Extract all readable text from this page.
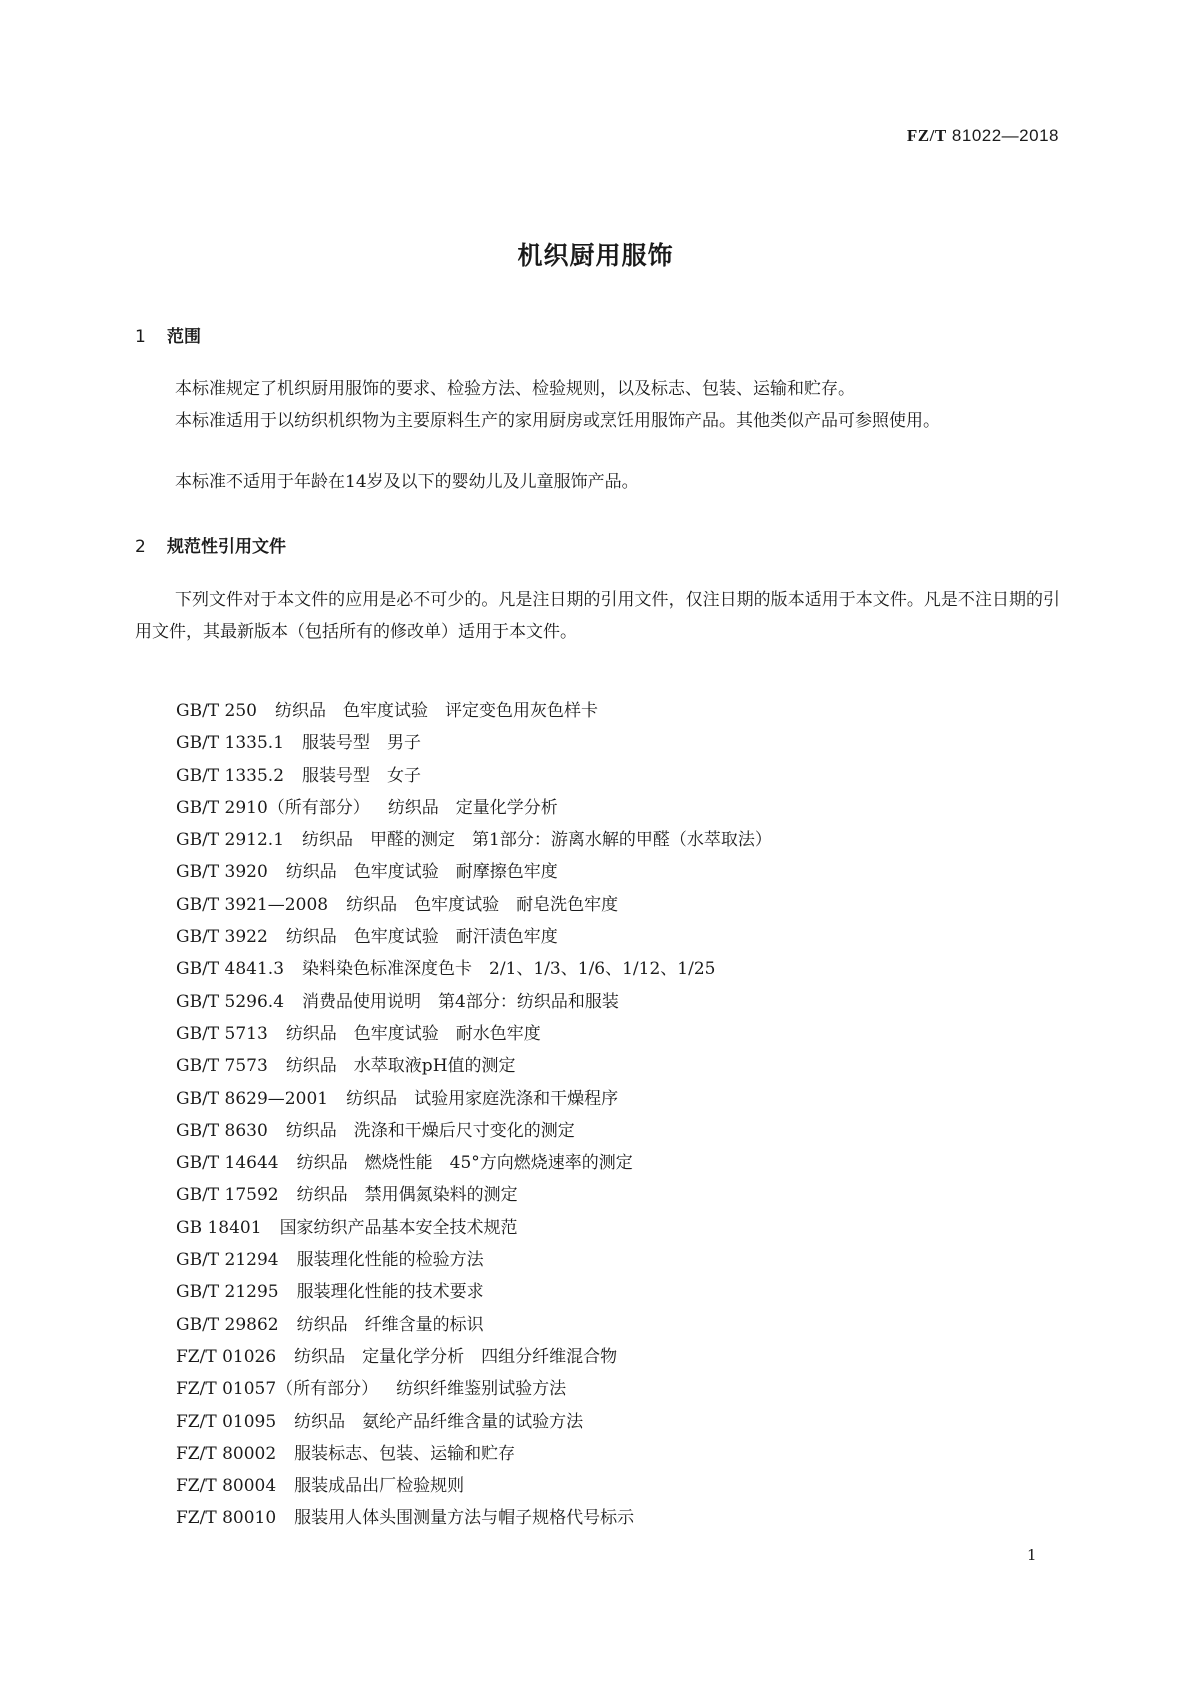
FZ/T 81022—2018
机织厨用服饰
1 范围

本标准规定了机织厨用服饰的要求、检验方法、检验规则，以及标志、包装、运输和贮存。

本标准适用于以纺织机织物为主要原料生产的家用厨房或烹饪用服饰产品。其他类似产品可参照使用。

本标准不适用于年龄在14岁及以下的婴幼儿及儿童服饰产品。

2 规范性引用文件

下列文件对于本文件的应用是必不可少的。凡是注日期的引用文件，仅注日期的版本适用于本文件。凡是不注日期的引用文件，其最新版本（包括所有的修改单）适用于本文件。

GB/T 250 纺织品　色牢度试验　评定变色用灰色样卡
GB/T 1335.1 服装号型　男子
GB/T 1335.2 服装号型　女子
GB/T 2910（所有部分） 纺织品　定量化学分析
GB/T 2912.1 纺织品　甲醛的测定　第1部分：游离水解的甲醛（水萃取法）
GB/T 3920 纺织品　色牢度试验　耐摩擦色牢度
GB/T 3921—2008 纺织品　色牢度试验　耐皂洗色牢度
GB/T 3922 纺织品　色牢度试验　耐汗渍色牢度
GB/T 4841.3 染料染色标准深度色卡　2/1、1/3、1/6、1/12、1/25
GB/T 5296.4 消费品使用说明　第4部分：纺织品和服装
GB/T 5713 纺织品　色牢度试验　耐水色牢度
GB/T 7573 纺织品　水萃取液pH值的测定
GB/T 8629—2001 纺织品　试验用家庭洗涤和干燥程序
GB/T 8630 纺织品　洗涤和干燥后尺寸变化的测定
GB/T 14644 纺织品　燃烧性能　45°方向燃烧速率的测定
GB/T 17592 纺织品　禁用偶氮染料的测定
GB 18401 国家纺织产品基本安全技术规范
GB/T 21294 服装理化性能的检验方法
GB/T 21295 服装理化性能的技术要求
GB/T 29862 纺织品　纤维含量的标识
FZ/T 01026 纺织品　定量化学分析　四组分纤维混合物
FZ/T 01057（所有部分） 纺织纤维鉴别试验方法
FZ/T 01095 纺织品　氨纶产品纤维含量的试验方法
FZ/T 80002 服装标志、包装、运输和贮存
FZ/T 80004 服装成品出厂检验规则
FZ/T 80010 服装用人体头围测量方法与帽子规格代号标示
1
